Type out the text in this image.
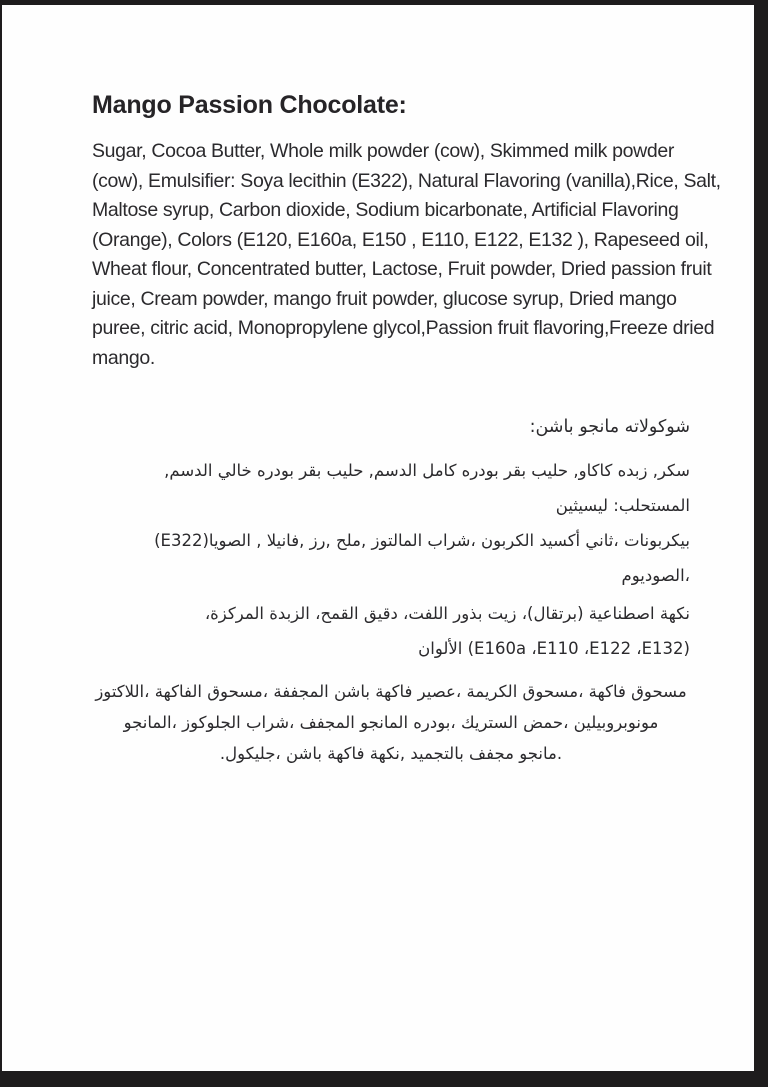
Mango Passion Chocolate:
Sugar, Cocoa Butter, Whole milk powder (cow), Skimmed milk powder
(cow), Emulsifier: Soya lecithin (E322), Natural Flavoring (vanilla),Rice, Salt,
Maltose syrup, Carbon dioxide, Sodium bicarbonate, Artificial Flavoring
(Orange), Colors (E120, E160a, E150 , E110, E122, E132 ), Rapeseed oil,
Wheat flour, Concentrated butter, Lactose, Fruit powder, Dried passion fruit
juice, Cream powder, mango fruit powder, glucose syrup, Dried mango
puree, citric acid, Monopropylene glycol,Passion fruit flavoring,Freeze dried
mango.
شوكولاته مانجو باشن:
سكر, زبده كاكاو, حليب بقر بودره كامل الدسم, حليب بقر بودره خالي الدسم, المستحلب: ليسيثين
(E322)الصويا ‎, فانيلا‎, رز‎, ملح‎, شراب المالتوز‎، ثاني أكسيد الكربون‎، بيكربونات الصوديوم‎،
نكهة اصطناعية (برتقال)، زيت بذور اللفت، دقيق القمح، الزبدة المركزة،
الألوان (E160a ‎،E110 ‎،E122 ‎،E132)
اللاكتوز‎، مسحوق الفاكهة‎، عصير فاكهة باشن المجففة‎، مسحوق الكريمة‎، مسحوق فاكهة
المانجو‎، شراب الجلوكوز‎، بودره المانجو المجفف‎، حمض الستريك‎، مونوبروبيلين
.جليكول‎، نكهة فاكهة باشن‎, مانجو مجفف بالتجميد.
